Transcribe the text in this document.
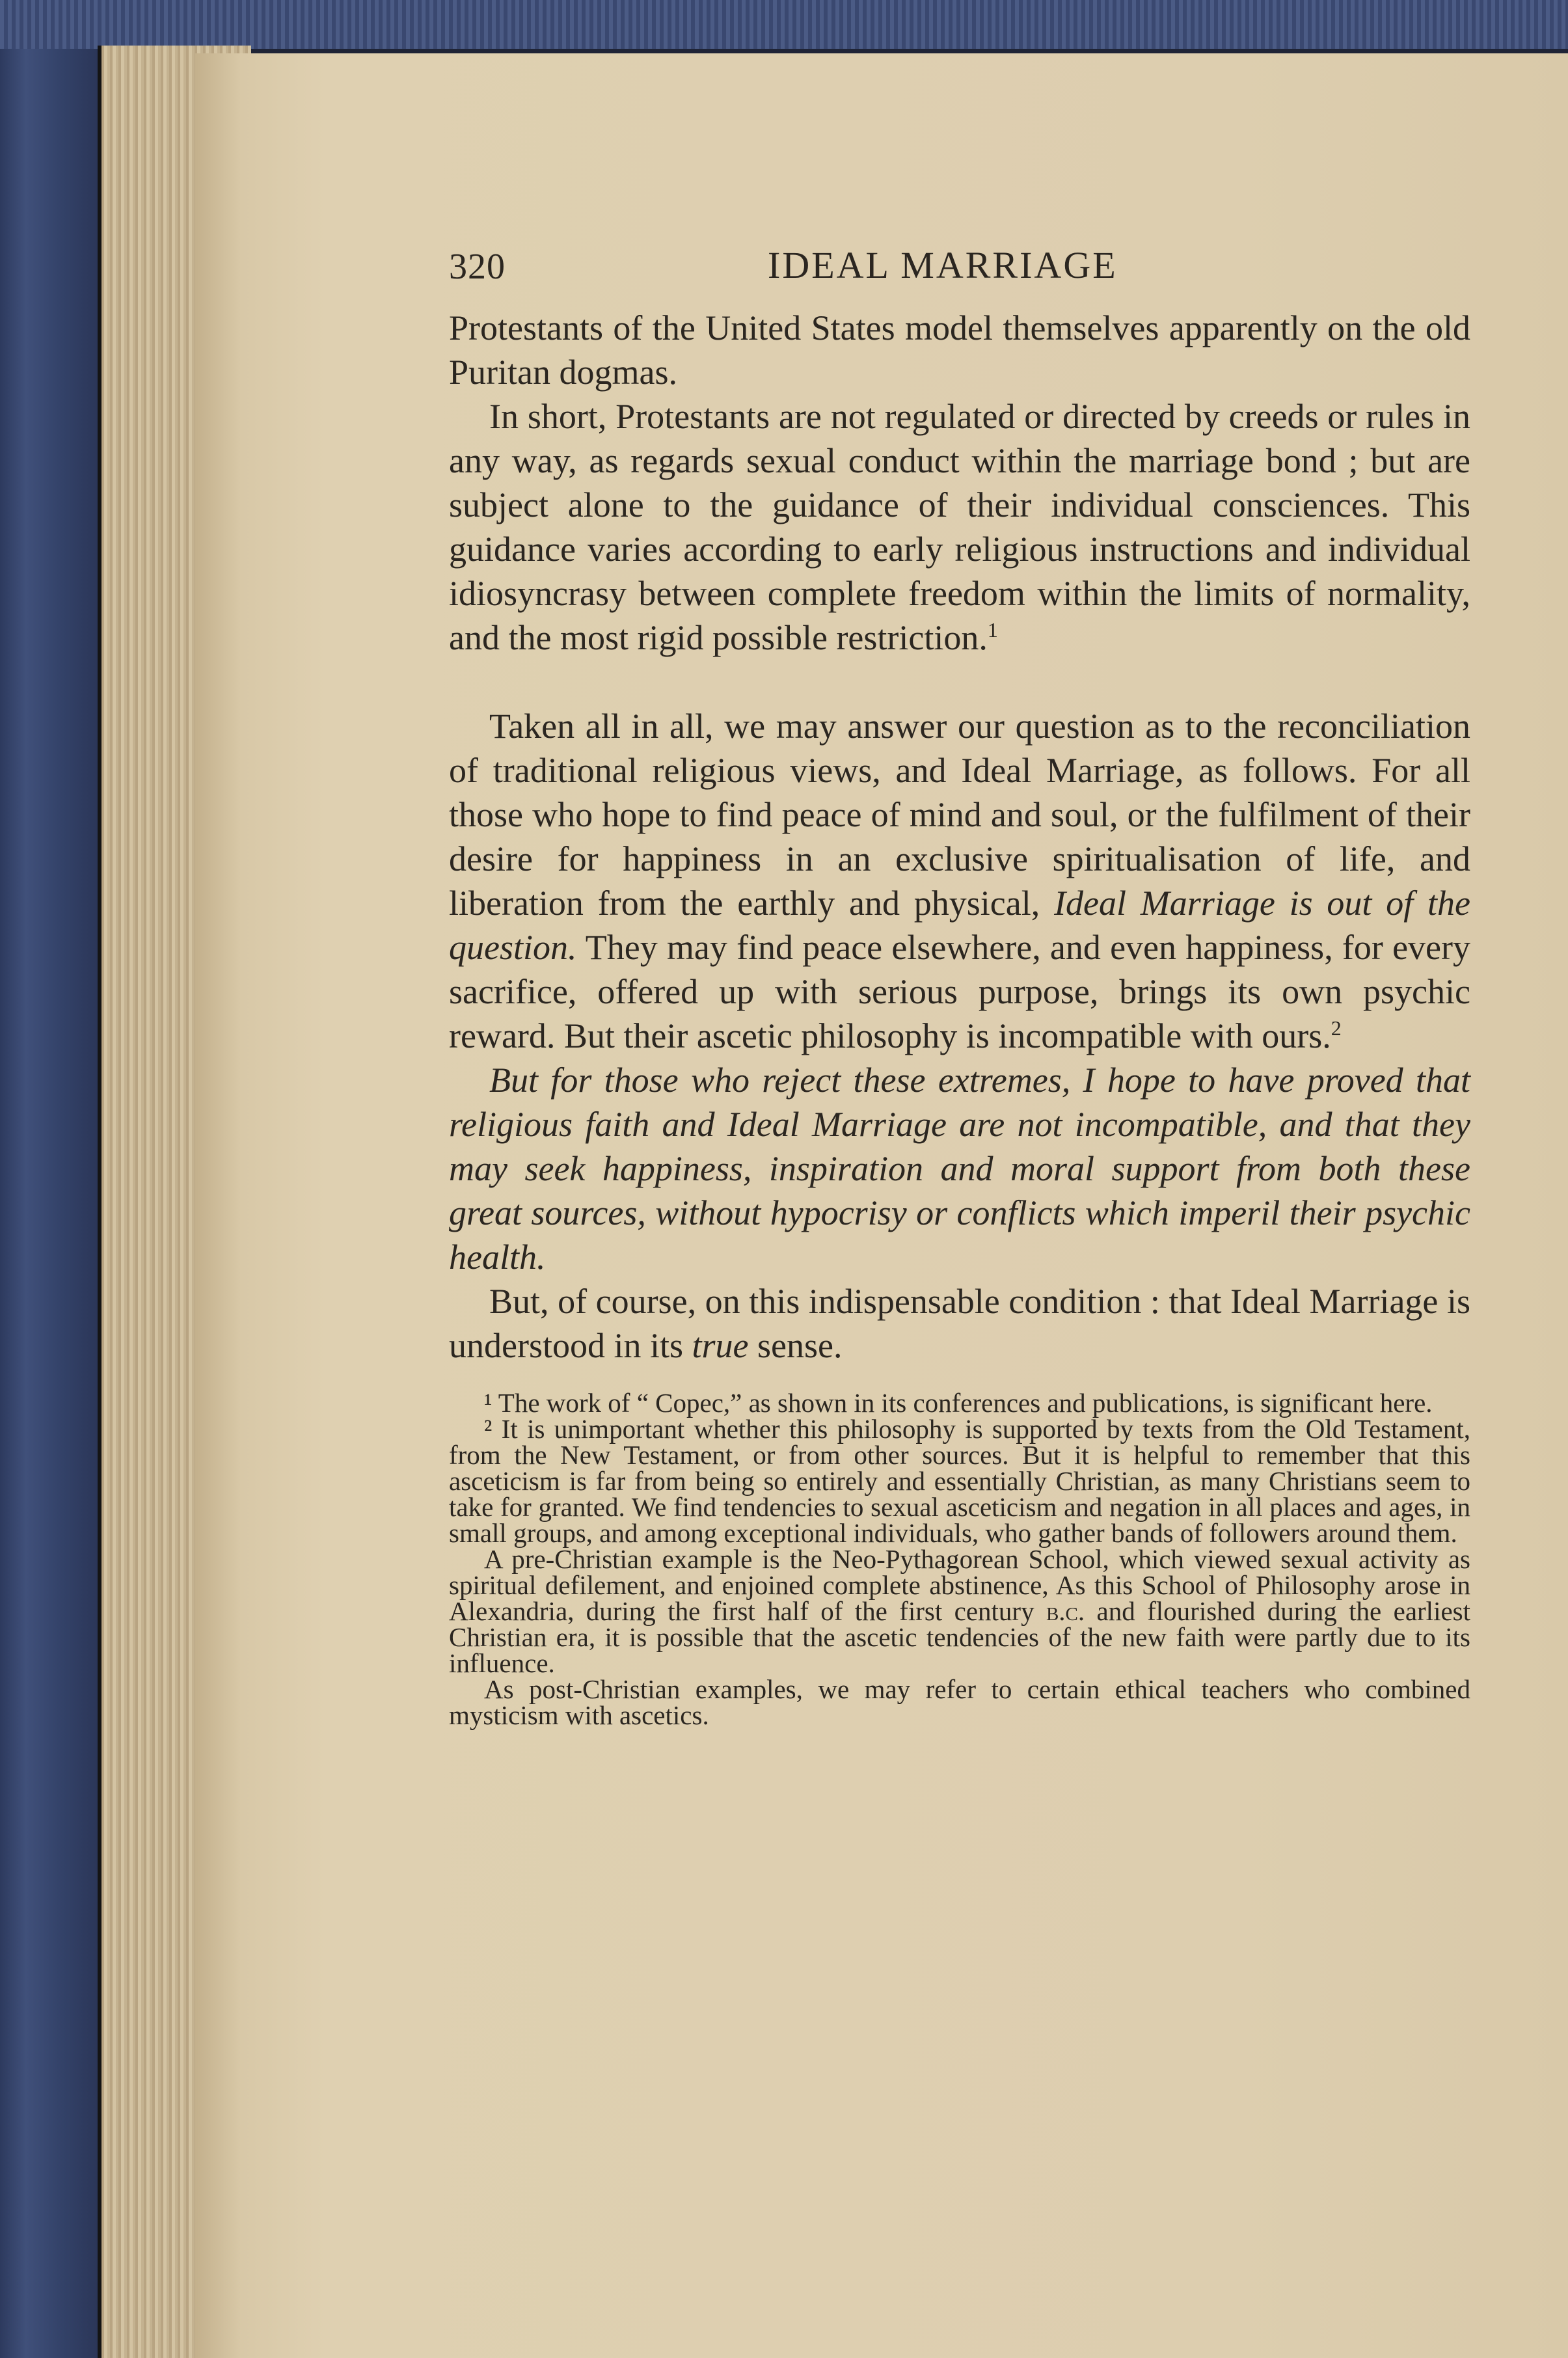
320	IDEAL MARRIAGE

Protestants of the United States model themselves apparently on the old Puritan dogmas.

In short, Protestants are not regulated or directed by creeds or rules in any way, as regards sexual conduct within the marriage bond ; but are subject alone to the guidance of their individual consciences. This guidance varies according to early religious instructions and individual idiosyncrasy between complete freedom within the limits of normality, and the most rigid possible restriction.$^1$

Taken all in all, we may answer our question as to the reconciliation of traditional religious views, and Ideal Marriage, as follows. For all those who hope to find peace of mind and soul, or the fulfilment of their desire for happiness in an exclusive spiritualisation of life, and liberation from the earthly and physical, Ideal Marriage is out of the question. They may find peace elsewhere, and even happiness, for every sacrifice, offered up with serious purpose, brings its own psychic reward. But their ascetic philosophy is incompatible with ours.$^2$

But for those who reject these extremes, I hope to have proved that religious faith and Ideal Marriage are not incompatible, and that they may seek happiness, inspiration and moral support from both these great sources, without hypocrisy or conflicts which imperil their psychic health.

But, of course, on this indispensable condition : that Ideal Marriage is understood in its true sense.

¹ The work of “ Copec,” as shown in its conferences and publications, is significant here.

² It is unimportant whether this philosophy is supported by texts from the Old Testament, from the New Testament, or from other sources. But it is helpful to remember that this asceticism is far from being so entirely and essentially Christian, as many Christians seem to take for granted. We find tendencies to sexual asceticism and negation in all places and ages, in small groups, and among exceptional individuals, who gather bands of followers around them.

A pre-Christian example is the Neo-Pythagorean School, which viewed sexual activity as spiritual defilement, and enjoined complete abstinence, As this School of Philosophy arose in Alexandria, during the first half of the first century b.c. and flourished during the earliest Christian era, it is possible that the ascetic tendencies of the new faith were partly due to its influence.

As post-Christian examples, we may refer to certain ethical teachers who combined mysticism with ascetics.
